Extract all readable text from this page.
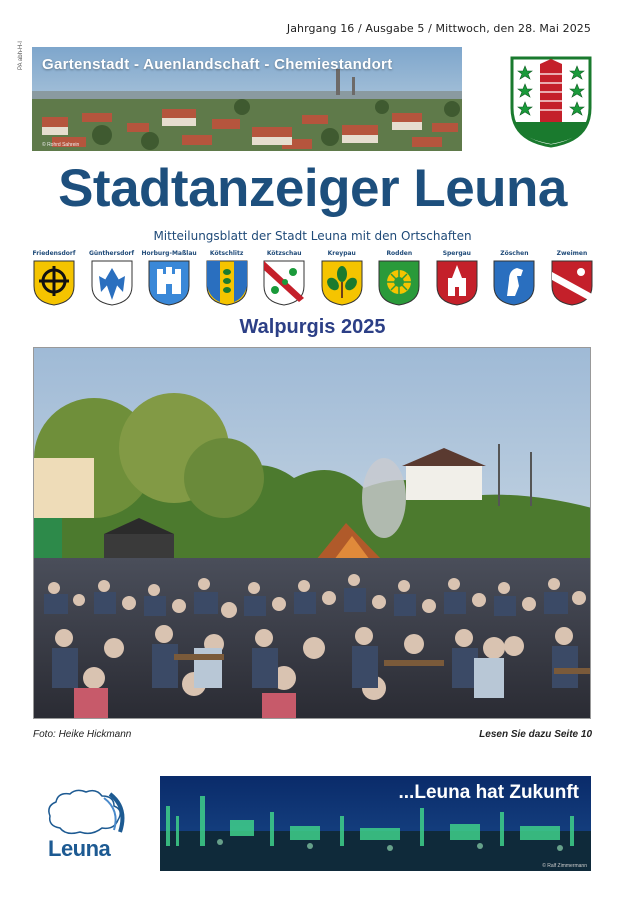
Jahrgang 16 / Ausgabe 5 / Mittwoch, den 28. Mai 2025
PA abh-H-I Gartenstadt - Auenlandschaft - Chemiestandort
© Rohrd Sahrein
Stadtanzeiger Leuna
Mitteilungsblatt der Stadt Leuna mit den Ortschaften
Friedensdorf Günthersdorf Horburg-Maßlau Kötschlitz	Kötzschau	Kreypau	Rodden	Spergau	Zöschen	Zweimen
Walpurgis 2025
Foto: Heike Hickmann	Lesen Sie dazu Seite 10
Leuna
...Leuna hat Zukunft
© Ralf Zimmermann
